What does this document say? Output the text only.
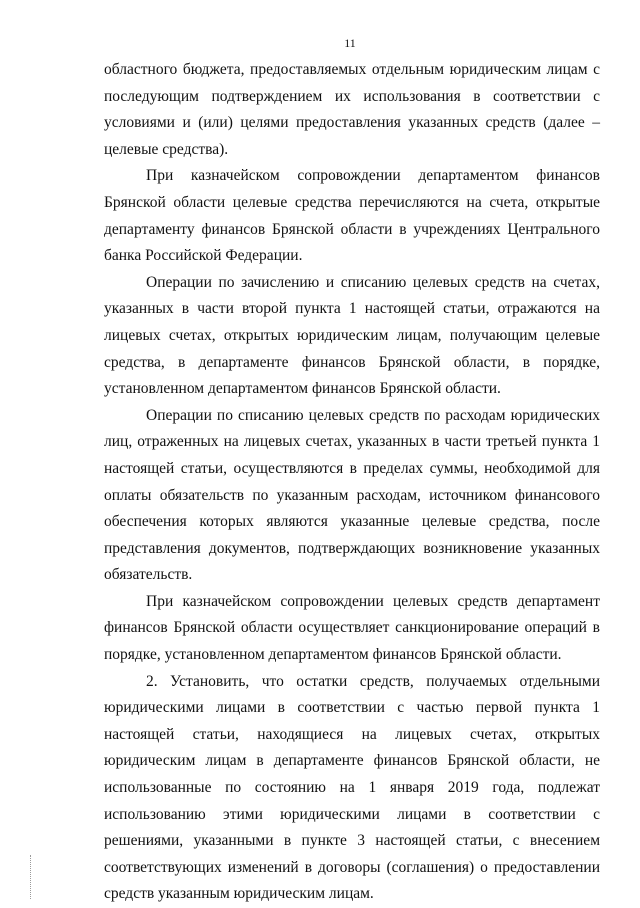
11

областного бюджета, предоставляемых отдельным юридическим лицам с последующим подтверждением их использования в соответствии с условиями и (или) целями предоставления указанных средств (далее – целевые средства).

При казначейском сопровождении департаментом финансов Брянской области целевые средства перечисляются на счета, открытые департаменту финансов Брянской области в учреждениях Центрального банка Российской Федерации.

Операции по зачислению и списанию целевых средств на счетах, указанных в части второй пункта 1 настоящей статьи, отражаются на лицевых счетах, открытых юридическим лицам, получающим целевые средства, в департаменте финансов Брянской области, в порядке, установленном департаментом финансов Брянской области.

Операции по списанию целевых средств по расходам юридических лиц, отраженных на лицевых счетах, указанных в части третьей пункта 1 настоящей статьи, осуществляются в пределах суммы, необходимой для оплаты обязательств по указанным расходам, источником финансового обеспечения которых являются указанные целевые средства, после представления документов, подтверждающих возникновение указанных обязательств.

При казначейском сопровождении целевых средств департамент финансов Брянской области осуществляет санкционирование операций в порядке, установленном департаментом финансов Брянской области.

2. Установить, что остатки средств, получаемых отдельными юридическими лицами в соответствии с частью первой пункта 1 настоящей статьи, находящиеся на лицевых счетах, открытых юридическим лицам в департаменте финансов Брянской области, не использованные по состоянию на 1 января 2019 года, подлежат использованию этими юридическими лицами в соответствии с решениями, указанными в пункте 3 настоящей статьи, с внесением соответствующих изменений в договоры (соглашения) о предоставлении средств указанным юридическим лицам.
